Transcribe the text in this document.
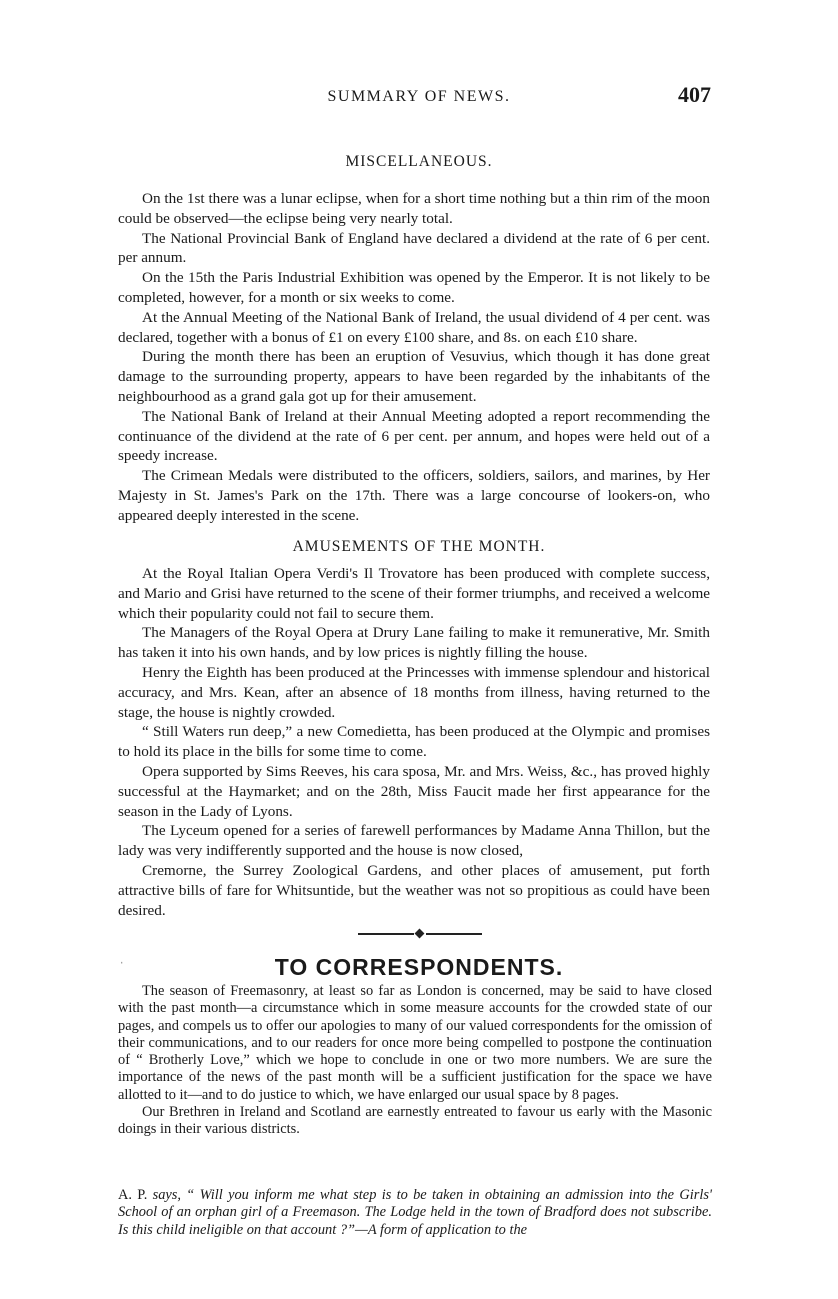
SUMMARY OF NEWS.	407
MISCELLANEOUS.

On the 1st there was a lunar eclipse, when for a short time nothing but a thin rim of the moon could be observed—the eclipse being very nearly total.

The National Provincial Bank of England have declared a dividend at the rate of 6 per cent. per annum.

On the 15th the Paris Industrial Exhibition was opened by the Emperor. It is not likely to be completed, however, for a month or six weeks to come.

At the Annual Meeting of the National Bank of Ireland, the usual dividend of 4 per cent. was declared, together with a bonus of £1 on every £100 share, and 8s. on each £10 share.

During the month there has been an eruption of Vesuvius, which though it has done great damage to the surrounding property, appears to have been regarded by the inhabitants of the neighbourhood as a grand gala got up for their amusement.

The National Bank of Ireland at their Annual Meeting adopted a report recommending the continuance of the dividend at the rate of 6 per cent. per annum, and hopes were held out of a speedy increase.

The Crimean Medals were distributed to the officers, soldiers, sailors, and marines, by Her Majesty in St. James's Park on the 17th. There was a large concourse of lookers-on, who appeared deeply interested in the scene.

AMUSEMENTS OF THE MONTH.

At the Royal Italian Opera Verdi's Il Trovatore has been produced with complete success, and Mario and Grisi have returned to the scene of their former triumphs, and received a welcome which their popularity could not fail to secure them.

The Managers of the Royal Opera at Drury Lane failing to make it remunerative, Mr. Smith has taken it into his own hands, and by low prices is nightly filling the house.

Henry the Eighth has been produced at the Princesses with immense splendour and historical accuracy, and Mrs. Kean, after an absence of 18 months from illness, having returned to the stage, the house is nightly crowded.

“ Still Waters run deep,” a new Comedietta, has been produced at the Olympic and promises to hold its place in the bills for some time to come.

Opera supported by Sims Reeves, his cara sposa, Mr. and Mrs. Weiss, &c., has proved highly successful at the Haymarket; and on the 28th, Miss Faucit made her first appearance for the season in the Lady of Lyons.

The Lyceum opened for a series of farewell performances by Madame Anna Thillon, but the lady was very indifferently supported and the house is now closed,

Cremorne, the Surrey Zoological Gardens, and other places of amusement, put forth attractive bills of fare for Whitsuntide, but the weather was not so propitious as could have been desired.

ˈ	TO CORRESPONDENTS.

The season of Freemasonry, at least so far as London is concerned, may be said to have closed with the past month—a circumstance which in some measure accounts for the crowded state of our pages, and compels us to offer our apologies to many of our valued correspondents for the omission of their communications, and to our readers for once more being compelled to postpone the continuation of “ Brotherly Love,” which we hope to conclude in one or two more numbers. We are sure the importance of the news of the past month will be a sufficient justification for the space we have allotted to it—and to do justice to which, we have enlarged our usual space by 8 pages.

Our Brethren in Ireland and Scotland are earnestly entreated to favour us early with the Masonic doings in their various districts.

A. P. says, “ Will you inform me what step is to be taken in obtaining an admission into the Girls' School of an orphan girl of a Freemason. The Lodge held in the town of Bradford does not subscribe. Is this child ineligible on that account ?”—A form of application to the
